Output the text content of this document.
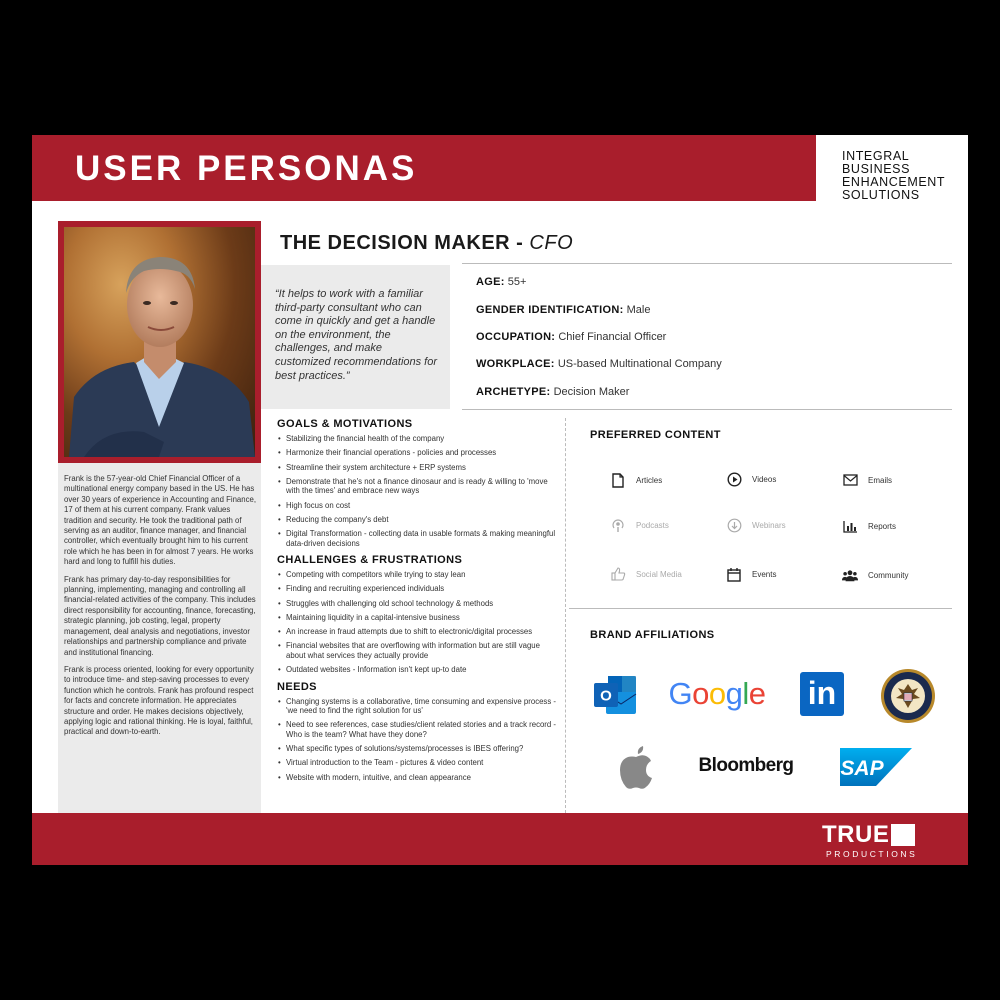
USER PERSONAS	INTEGRAL
BUSINESS
ENHANCEMENT
SOLUTIONS

Frank is the 57-year-old Chief Financial Officer of a multinational energy company based in the US. He has over 30 years of experience in Accounting and Finance, 17 of them at his current company. Frank values tradition and security. He took the traditional path of serving as an auditor, finance manager, and financial controller, which eventually brought him to his current role which he has been in for almost 7 years. He works hard and long to fulfill his duties.

Frank has primary day-to-day responsibilities for planning, implementing, managing and controlling all financial-related activities of the company. This includes direct responsibility for accounting, finance, forecasting, strategic planning, job costing, legal, property management, deal analysis and negotiations, investor relationships and partnership compliance and private and institutional financing.

Frank is process oriented, looking for every opportunity to introduce time- and step-saving processes to every function which he controls. Frank has profound respect for facts and concrete information. He appreciates structure and order. He makes decisions objectively, applying logic and rational thinking. He is loyal, faithful, practical and down-to-earth.

THE DECISION MAKER - CFO
“It helps to work with a familiar third-party consultant who can come in quickly and get a handle on the environment, the challenges, and make customized recommendations for best practices.”
AGE: 55+
GENDER IDENTIFICATION: Male
OCCUPATION: Chief Financial Officer
WORKPLACE: US-based Multinational Company
ARCHETYPE: Decision Maker
GOALS & MOTIVATIONS
• Stabilizing the financial health of the company
• Harmonize their financial operations - policies and processes
• Streamline their system architecture + ERP systems
• Demonstrate that he's not a finance dinosaur and is ready & willing to 'move with the times' and embrace new ways
• High focus on cost
• Reducing the company's debt
• Digital Transformation - collecting data in usable formats & making meaningful data-driven decisions
CHALLENGES & FRUSTRATIONS
• Competing with competitors while trying to stay lean
• Finding and recruiting experienced individuals
• Struggles with challenging old school technology & methods
• Maintaining liquidity in a capital-intensive business
• An increase in fraud attempts due to shift to electronic/digital processes
• Financial websites that are overflowing with information but are still vague about what services they actually provide
• Outdated websites - Information isn't kept up-to date
NEEDS
• Changing systems is a collaborative, time consuming and expensive process - 'we need to find the right solution for us'
• Need to see references, case studies/client related stories and a track record - Who is the team? What have they done?
• What specific types of solutions/systems/processes is IBES offering?
• Virtual introduction to the Team - pictures & video content
• Website with modern, intuitive, and clean appearance
PREFERRED CONTENT
Articles	Videos	Emails
Podcasts	Webinars	Reports
Social Media	Events	Community
BRAND AFFILIATIONS
O Google in
Bloomberg SAP
TRUE
PRODUCTIONS
